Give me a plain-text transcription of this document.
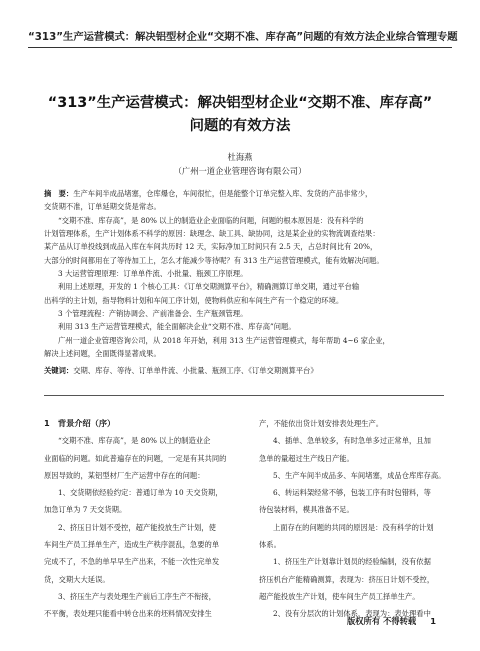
“313”生产运营模式：解决铝型材企业“交期不准、库存高”问题的有效方法 企业综合管理专题
“313”生产运营模式：解决铝型材企业“交期不准、库存高”
问题的有效方法
杜海燕
（广州一道企业管理咨询有限公司）
摘　要：生产车间半成品堵塞，仓库爆仓，车间很忙，但是能整个订单完整入库、发货的产品非常少，
交货期不准，订单延期交货是常态。
“交期不准、库存高”，是 80% 以上的制造业企业面临的问题，问题的根本原因是：没有科学的
计划管理体系，生产计划体系不科学的原因：缺理念、缺工具、缺协同，这是某企业的实物流调查结果：
某产品从订单投线到成品入库在车间共历时 12 天，实际净加工时间只有 2.5 天，占总时间比有 20%，
大部分的时间都用在了等待加工上，怎么才能减少等待呢？有 313 生产运营管理模式，能有效解决问题。
3 大运营管理原理：订单单件流、小批量、瓶颈工序原理。
利用上述原理，开发的 1 个核心工具：《订单交期测算平台》，精确测算订单交期，通过平台输
出科学的主计划，指导物料计划和车间工序计划，使物料供应和车间生产有一个稳定的环境。
3 个管理流程：产销协调会、产前准备会、生产瓶颈管理。
利用 313 生产运营管理模式，能全面解决企业“交期不准、库存高”问题。
广州一道企业管理咨询公司，从 2018 年开始，利用 313 生产运营管理模式，每年帮助 4~6 家企业，
解决上述问题，全面既得显著成果。
关键词：交期、库存、等待、订单单件流、小批量、瓶颈工序、《订单交期测算平台》
1　背景介绍（序）
“交期不准、库存高”，是 80% 以上的制造业企
业面临的问题。如此普遍存在的问题，一定是有其共同的
原因导致的，某铝型材厂生产运营中存在的问题：
1、交货期依经验约定：普通订单为 10 天交货期，
加急订单为 7 天交货期。
2、挤压日计划不受控，超产能投放生产计划，使
车间生产员工择单生产，造成生产秩序混乱，急要的单
完成不了，不急的单早早生产出来，不能一次性完单发
货，交期大大延误。
3、挤压生产与表处理生产前后工序生产不衔接，
不平衡，表处理只能看中转仓出来的坯料情况安排生
产，不能依出货计划安排表处理生产。
4、插单、急单较多，有时急单多过正常单，且加
急单的量超过生产线日产能。
5、生产车间半成品多、车间堵塞，成品仓库库存高。
6、转运料架经常不够，包装工序有时包错料，等
待包装材料，模具准备不足。
上面存在的问题的共同的原因是：没有科学的计划
体系。
1、挤压生产计划靠计划员的经验编制，没有依据
挤压机台产能精确测算，表现为：挤压日计划不受控，
超产能投放生产计划，使车间生产员工择单生产。
2、没有分层次的计划体系，表现为：表处理看中
版权所有 不得转载 1
